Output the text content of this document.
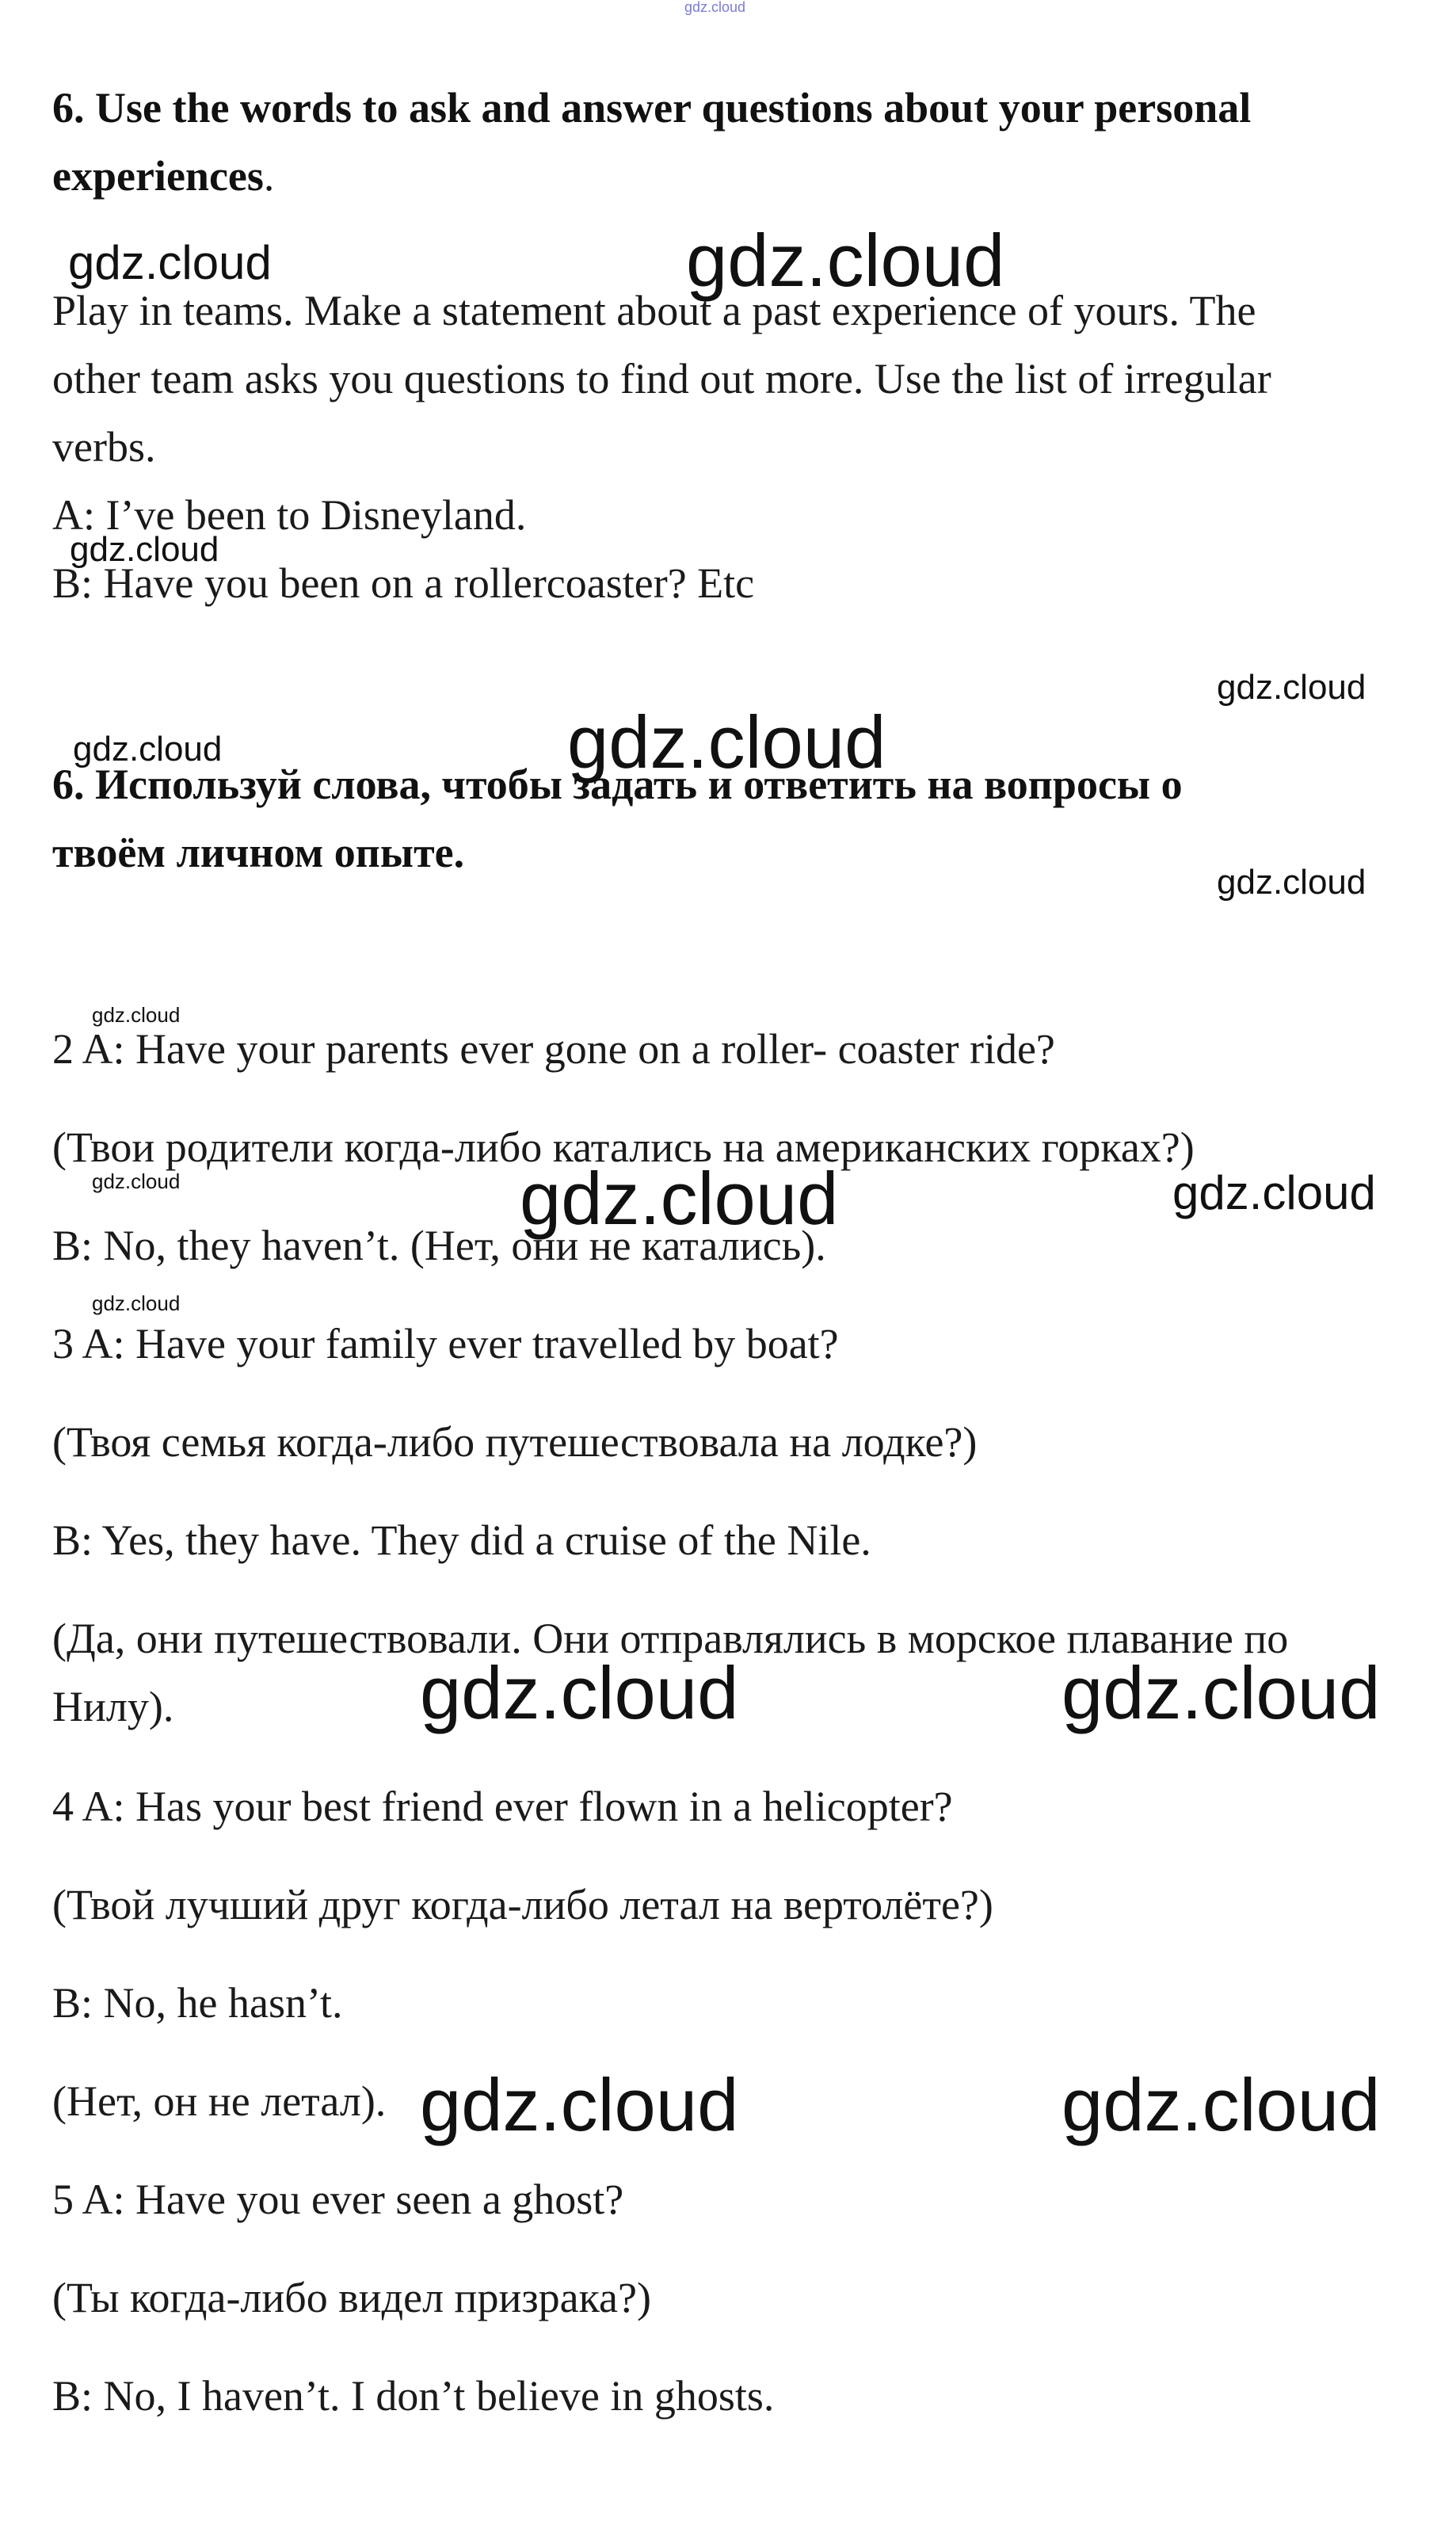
gdz.cloud
6. Use the words to ask and answer questions about your personal
experiences.
Play in teams. Make a statement about a past experience of yours. The
other team asks you questions to find out more. Use the list of irregular
verbs.
A: I’ve been to Disneyland.
B: Have you been on a rollercoaster? Etc
6. Используй слова, чтобы задать и ответить на вопросы о
твоём личном опыте.
2 A: Have your parents ever gone on a roller- coaster ride?
(Твои родители когда-либо катались на американских горках?)
B: No, they haven’t. (Нет, они не катались).
3 A: Have your family ever travelled by boat?
(Твоя семья когда-либо путешествовала на лодке?)
B: Yes, they have. They did a cruise of the Nile.
(Да, они путешествовали. Они отправлялись в морское плавание по
Нилу).
4 A: Has your best friend ever flown in a helicopter?
(Твой лучший друг когда-либо летал на вертолёте?)
B: No, he hasn’t.
(Нет, он не летал).
5 A: Have you ever seen a ghost?
(Ты когда-либо видел призрака?)
B: No, I haven’t. I don’t believe in ghosts.
gdz.cloud	gdz.cloud
gdz.cloud
gdz.cloud
gdz.cloud	gdz.cloud
gdz.cloud
gdz.cloud
gdz.cloud	gdz.cloud
gdz.cloud
gdz.cloud
gdz.cloud	gdz.cloud
gdz.cloud	gdz.cloud
